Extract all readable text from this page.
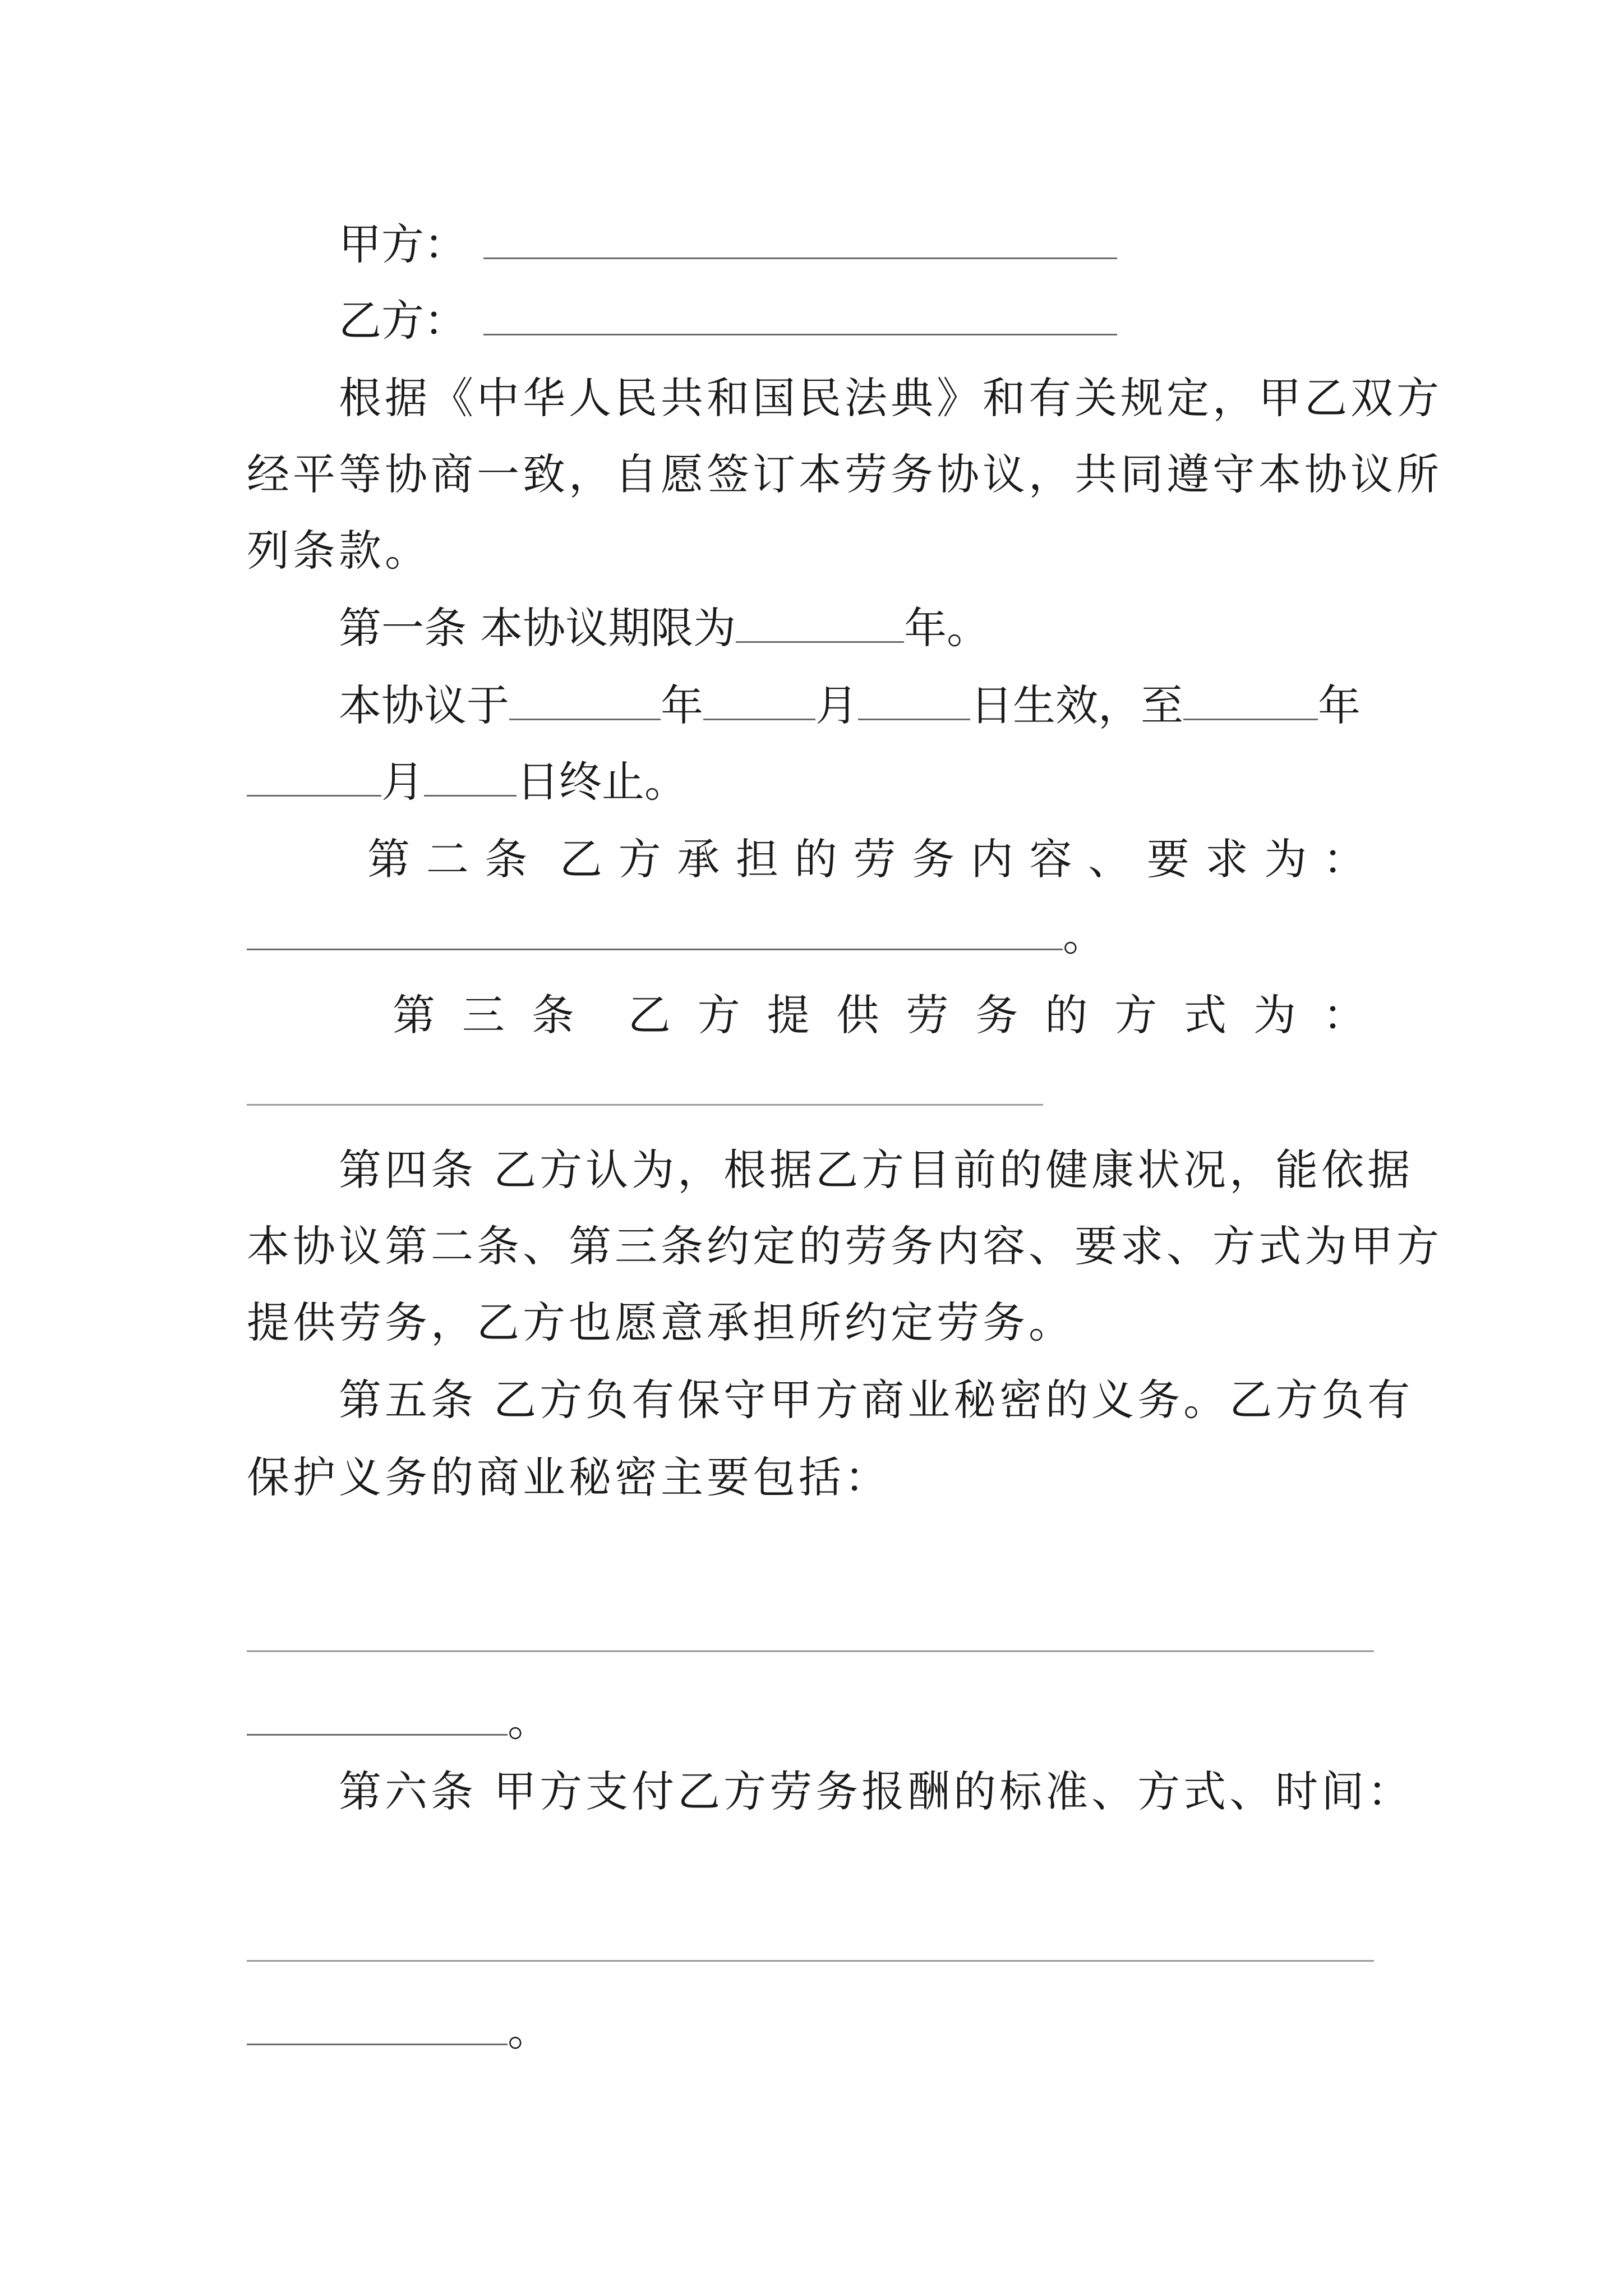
甲方：
乙方：
根据《中华人民共和国民法典》和有关规定，甲乙双方
经平等协商一致，自愿签订本劳务协议，共同遵守本协议所
列条款。
第一条 本协议期限为	年。
本协议于	年	月	日生效，至	年
月 日终止。
第 二 条 乙 方 承 担 的 劳 务 内 容 、 要 求 为 ：
。
第 三 条 乙 方 提 供 劳 务 的 方 式 为 ：
第四条 乙方认为，根据乙方目前的健康状况，能依据
本协议第二条、第三条约定的劳务内容、要求、方式为甲方
提供劳务，乙方也愿意承担所约定劳务。
第五条 乙方负有保守甲方商业秘密的义务。乙方负有
保护义务的商业秘密主要包括：
。
第六条 甲方支付乙方劳务报酬的标准、方式、时间：
。
